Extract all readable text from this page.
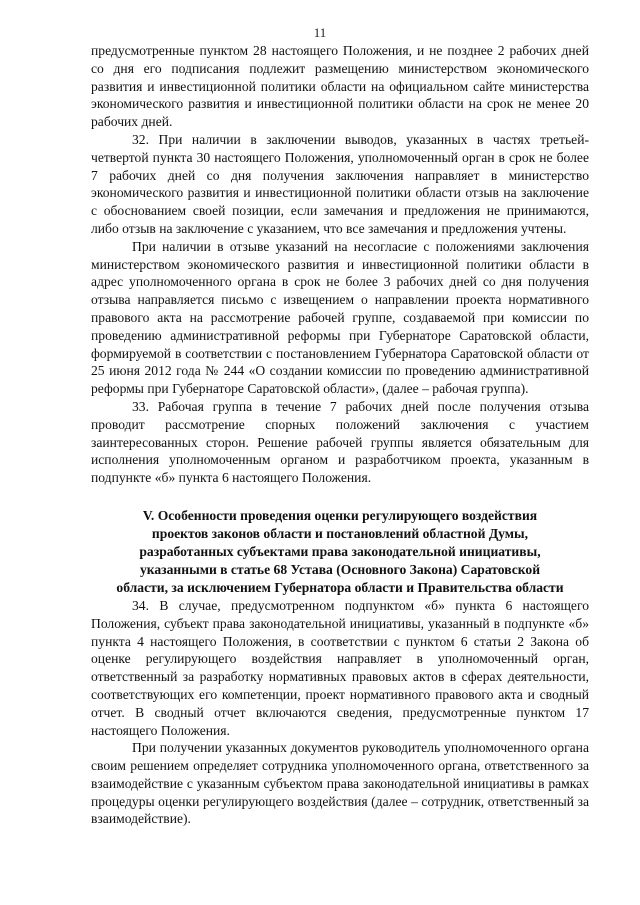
11

предусмотренные пунктом 28 настоящего Положения, и не позднее 2 рабочих дней со дня его подписания подлежит размещению министерством экономического развития и инвестиционной политики области на официальном сайте министерства экономического развития и инвестиционной политики области на срок не менее 20 рабочих дней.

32. При наличии в заключении выводов, указанных в частях третьей-четвертой пункта 30 настоящего Положения, уполномоченный орган в срок не более 7 рабочих дней со дня получения заключения направляет в министерство экономического развития и инвестиционной политики области отзыв на заключение с обоснованием своей позиции, если замечания и предложения не принимаются, либо отзыв на заключение с указанием, что все замечания и предложения учтены.

При наличии в отзыве указаний на несогласие с положениями заключения министерством экономического развития и инвестиционной политики области в адрес уполномоченного органа в срок не более 3 рабочих дней со дня получения отзыва направляется письмо с извещением о направлении проекта нормативного правового акта на рассмотрение рабочей группе, создаваемой при комиссии по проведению административной реформы при Губернаторе Саратовской области, формируемой в соответствии с постановлением Губернатора Саратовской области от 25 июня 2012 года № 244 «О создании комиссии по проведению административной реформы при Губернаторе Саратовской области», (далее – рабочая группа).

33. Рабочая группа в течение 7 рабочих дней после получения отзыва проводит рассмотрение спорных положений заключения с участием заинтересованных сторон. Решение рабочей группы является обязательным для исполнения уполномоченным органом и разработчиком проекта, указанным в подпункте «б» пункта 6 настоящего Положения.

V. Особенности проведения оценки регулирующего воздействия
проектов законов области и постановлений областной Думы,
разработанных субъектами права законодательной инициативы,
указанными в статье 68 Устава (Основного Закона) Саратовской
области, за исключением Губернатора области и Правительства области

34. В случае, предусмотренном подпунктом «б» пункта 6 настоящего Положения, субъект права законодательной инициативы, указанный в подпункте «б» пункта 4 настоящего Положения, в соответствии с пунктом 6 статьи 2 Закона об оценке регулирующего воздействия направляет в уполномоченный орган, ответственный за разработку нормативных правовых актов в сферах деятельности, соответствующих его компетенции, проект нормативного правового акта и сводный отчет. В сводный отчет включаются сведения, предусмотренные пунктом 17 настоящего Положения.

При получении указанных документов руководитель уполномоченного органа своим решением определяет сотрудника уполномоченного органа, ответственного за взаимодействие с указанным субъектом права законодательной инициативы в рамках процедуры оценки регулирующего воздействия (далее – сотрудник, ответственный за взаимодействие).
